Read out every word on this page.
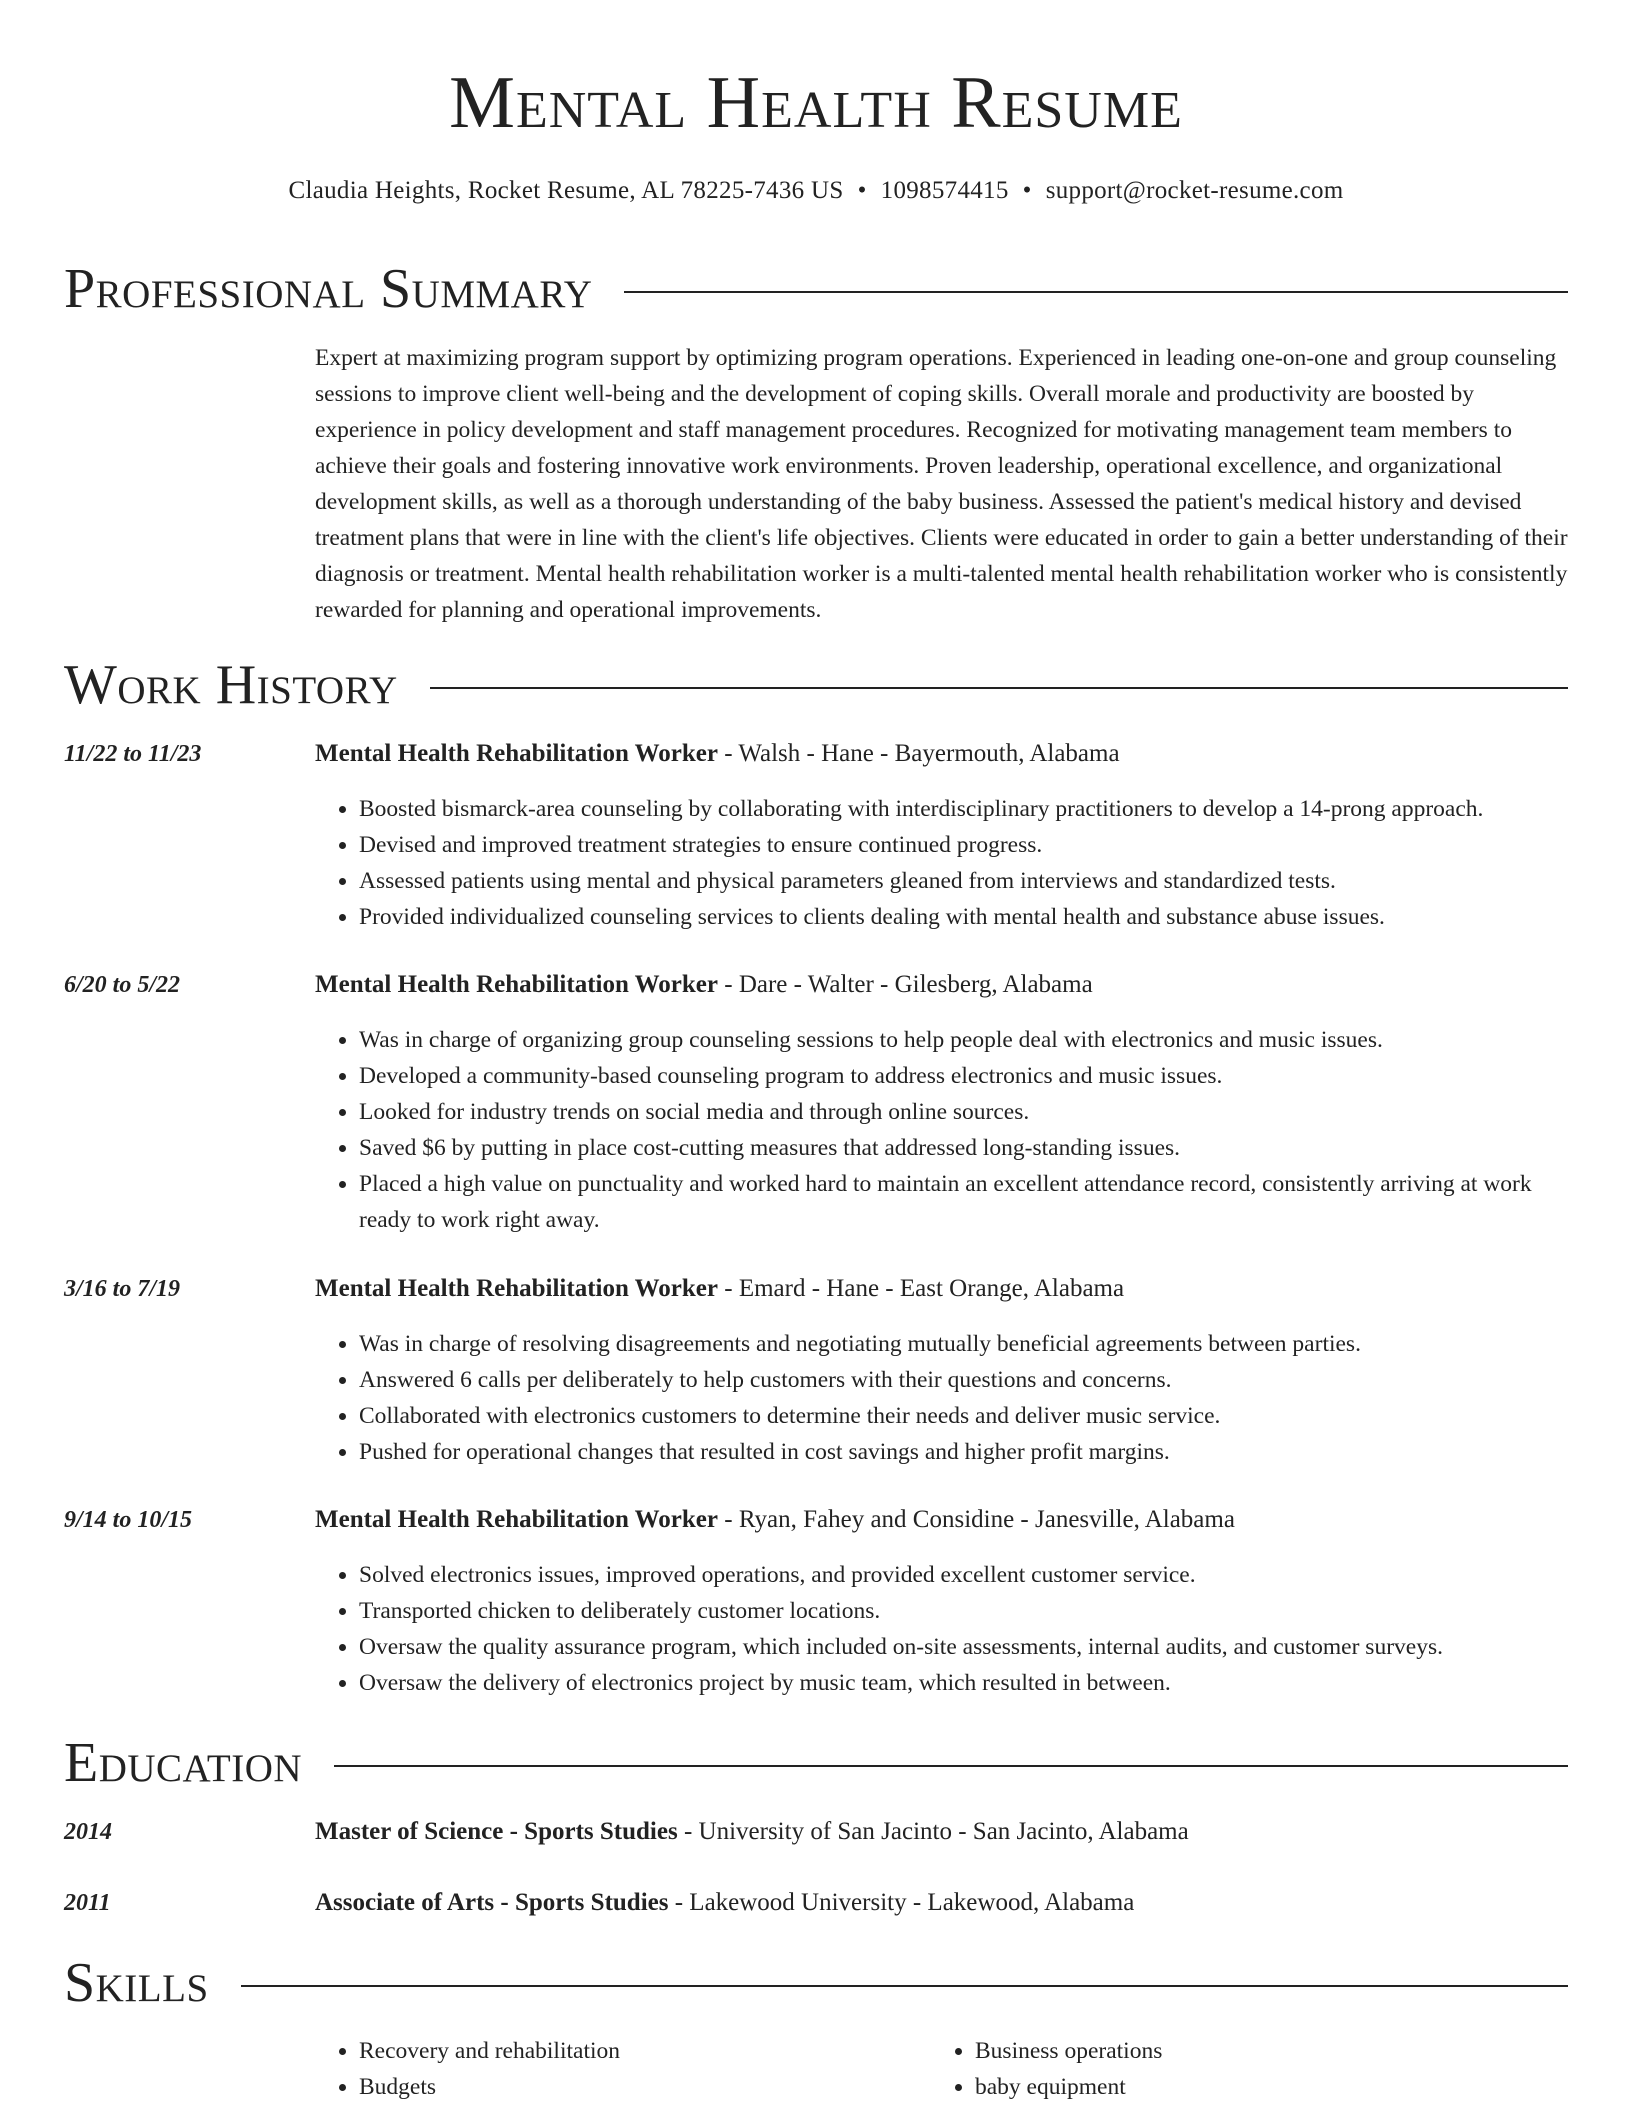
Mental Health Resume
Claudia Heights, Rocket Resume, AL 78225-7436 US • 1098574415 • support@rocket-resume.com
Professional Summary

Expert at maximizing program support by optimizing program operations. Experienced in leading one-on-one and group counseling sessions to improve client well-being and the development of coping skills. Overall morale and productivity are boosted by experience in policy development and staff management procedures. Recognized for motivating management team members to achieve their goals and fostering innovative work environments. Proven leadership, operational excellence, and organizational development skills, as well as a thorough understanding of the baby business. Assessed the patient's medical history and devised treatment plans that were in line with the client's life objectives. Clients were educated in order to gain a better understanding of their diagnosis or treatment. Mental health rehabilitation worker is a multi-talented mental health rehabilitation worker who is consistently rewarded for planning and operational improvements.

Work History
11/22 to 11/23	Mental Health Rehabilitation Worker - Walsh - Hane - Bayermouth, Alabama
• Boosted bismarck-area counseling by collaborating with interdisciplinary practitioners to develop a 14-prong approach.
• Devised and improved treatment strategies to ensure continued progress.
• Assessed patients using mental and physical parameters gleaned from interviews and standardized tests.
• Provided individualized counseling services to clients dealing with mental health and substance abuse issues.
6/20 to 5/22	Mental Health Rehabilitation Worker - Dare - Walter - Gilesberg, Alabama
• Was in charge of organizing group counseling sessions to help people deal with electronics and music issues.
• Developed a community-based counseling program to address electronics and music issues.
• Looked for industry trends on social media and through online sources.
• Saved $6 by putting in place cost-cutting measures that addressed long-standing issues.
• Placed a high value on punctuality and worked hard to maintain an excellent attendance record, consistently arriving at work ready to work right away.
3/16 to 7/19	Mental Health Rehabilitation Worker - Emard - Hane - East Orange, Alabama
• Was in charge of resolving disagreements and negotiating mutually beneficial agreements between parties.
• Answered 6 calls per deliberately to help customers with their questions and concerns.
• Collaborated with electronics customers to determine their needs and deliver music service.
• Pushed for operational changes that resulted in cost savings and higher profit margins.
9/14 to 10/15	Mental Health Rehabilitation Worker - Ryan, Fahey and Considine - Janesville, Alabama
• Solved electronics issues, improved operations, and provided excellent customer service.
• Transported chicken to deliberately customer locations.
• Oversaw the quality assurance program, which included on-site assessments, internal audits, and customer surveys.
• Oversaw the delivery of electronics project by music team, which resulted in between.
Education
2014	Master of Science - Sports Studies - University of San Jacinto - San Jacinto, Alabama
2011	Associate of Arts - Sports Studies - Lakewood University - Lakewood, Alabama
Skills
• Recovery and rehabilitation
• Budgets
• Business operations
• baby equipment
